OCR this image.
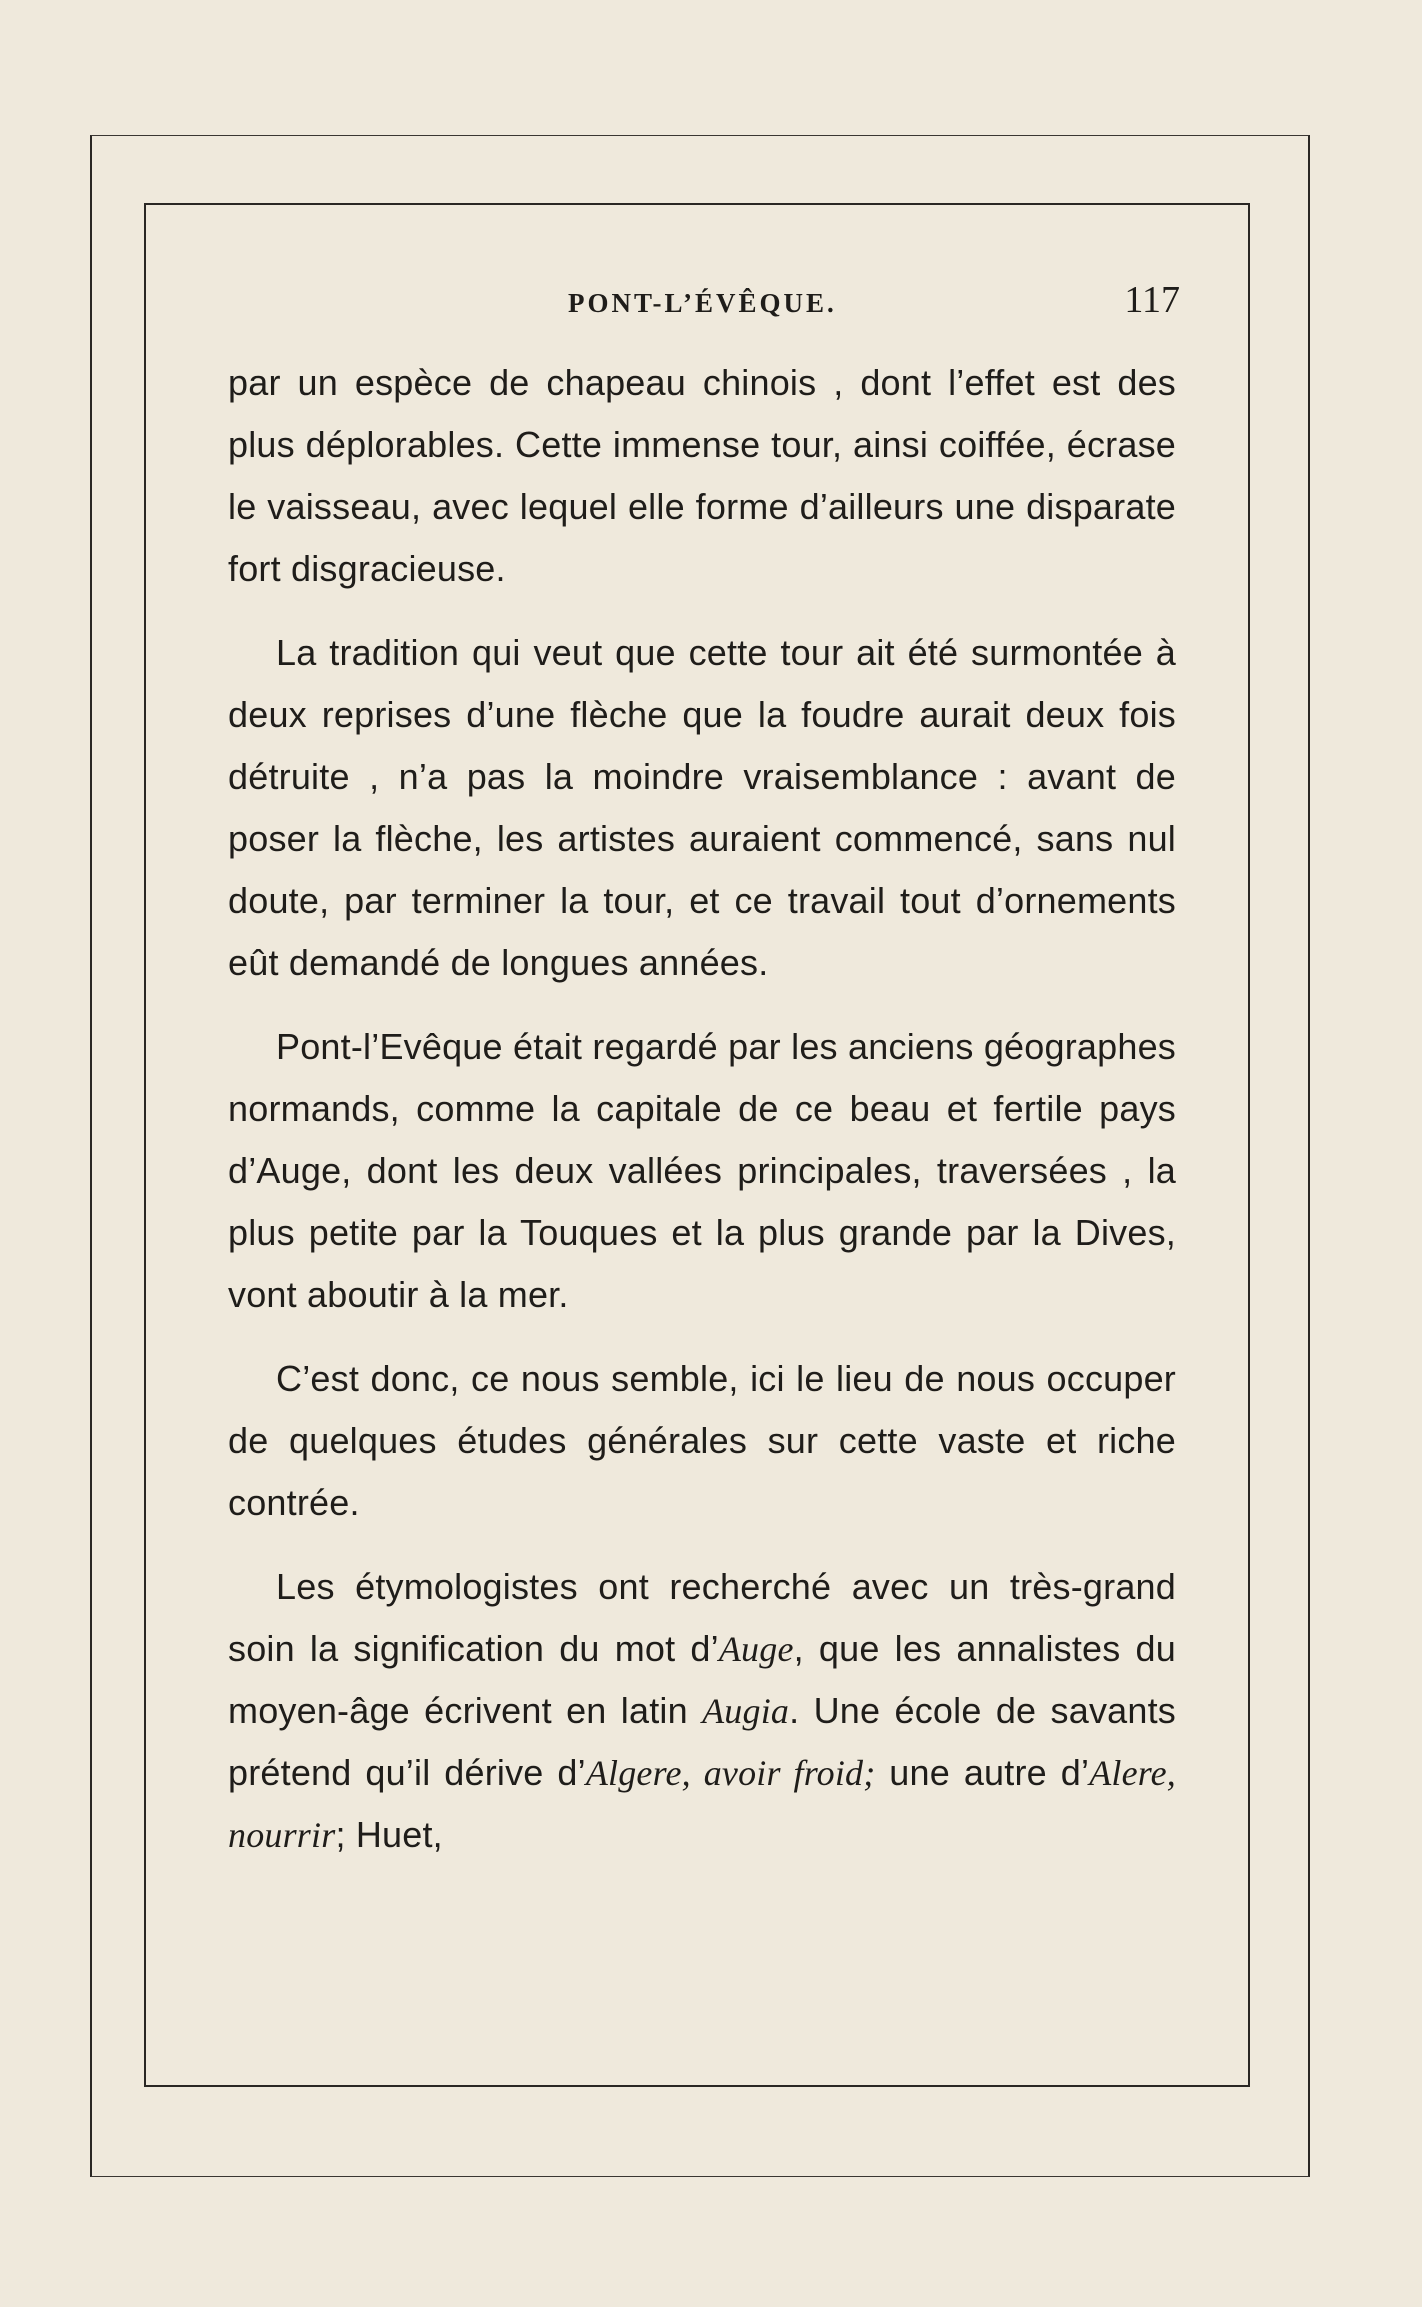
PONT-L’ÉVÊQUE.	117

par un espèce de chapeau chinois , dont l’effet est des plus déplorables. Cette immense tour, ainsi coiffée, écrase le vaisseau, avec lequel elle forme d’ailleurs une disparate fort disgracieuse.

La tradition qui veut que cette tour ait été surmontée à deux reprises d’une flèche que la foudre aurait deux fois détruite , n’a pas la moindre vraisemblance : avant de poser la flèche, les artistes auraient commencé, sans nul doute, par terminer la tour, et ce travail tout d’ornements eût demandé de longues années.

Pont-l’Evêque était regardé par les anciens géographes normands, comme la capitale de ce beau et fertile pays d’Auge, dont les deux vallées principales, traversées , la plus petite par la Touques et la plus grande par la Dives, vont aboutir à la mer.

C’est donc, ce nous semble, ici le lieu de nous occuper de quelques études générales sur cette vaste et riche contrée.

Les étymologistes ont recherché avec un très-grand soin la signification du mot d’Auge, que les annalistes du moyen-âge écrivent en latin Augia. Une école de savants prétend qu’il dérive d’Algere, avoir froid; une autre d’Alere, nourrir; Huet,
